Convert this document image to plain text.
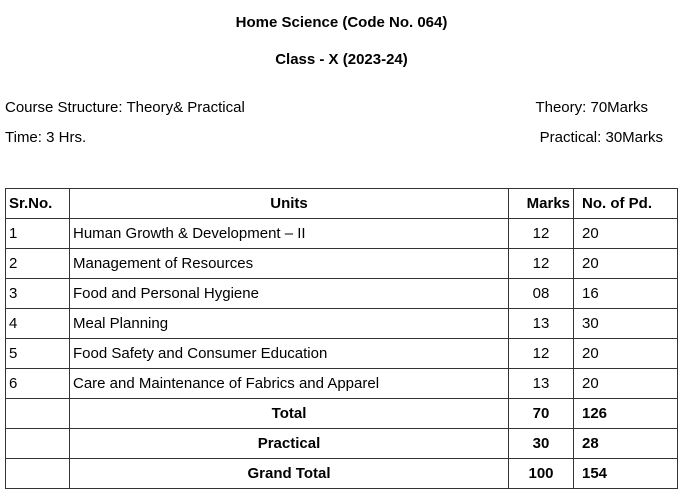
Home Science (Code No. 064)
Class - X (2023-24)
Course Structure: Theory& Practical	Theory: 70Marks
Time: 3 Hrs.	Practical: 30Marks
Sr.No.	Units	Marks	No. of Pd.
1	Human Growth & Development – II	12	20
2	Management of Resources	12	20
3	Food and Personal Hygiene	08	16
4	Meal Planning	13	30
5	Food Safety and Consumer Education	12	20
6	Care and Maintenance of Fabrics and Apparel	13	20
	Total	70	126
	Practical	30	28
	Grand Total	100	154
